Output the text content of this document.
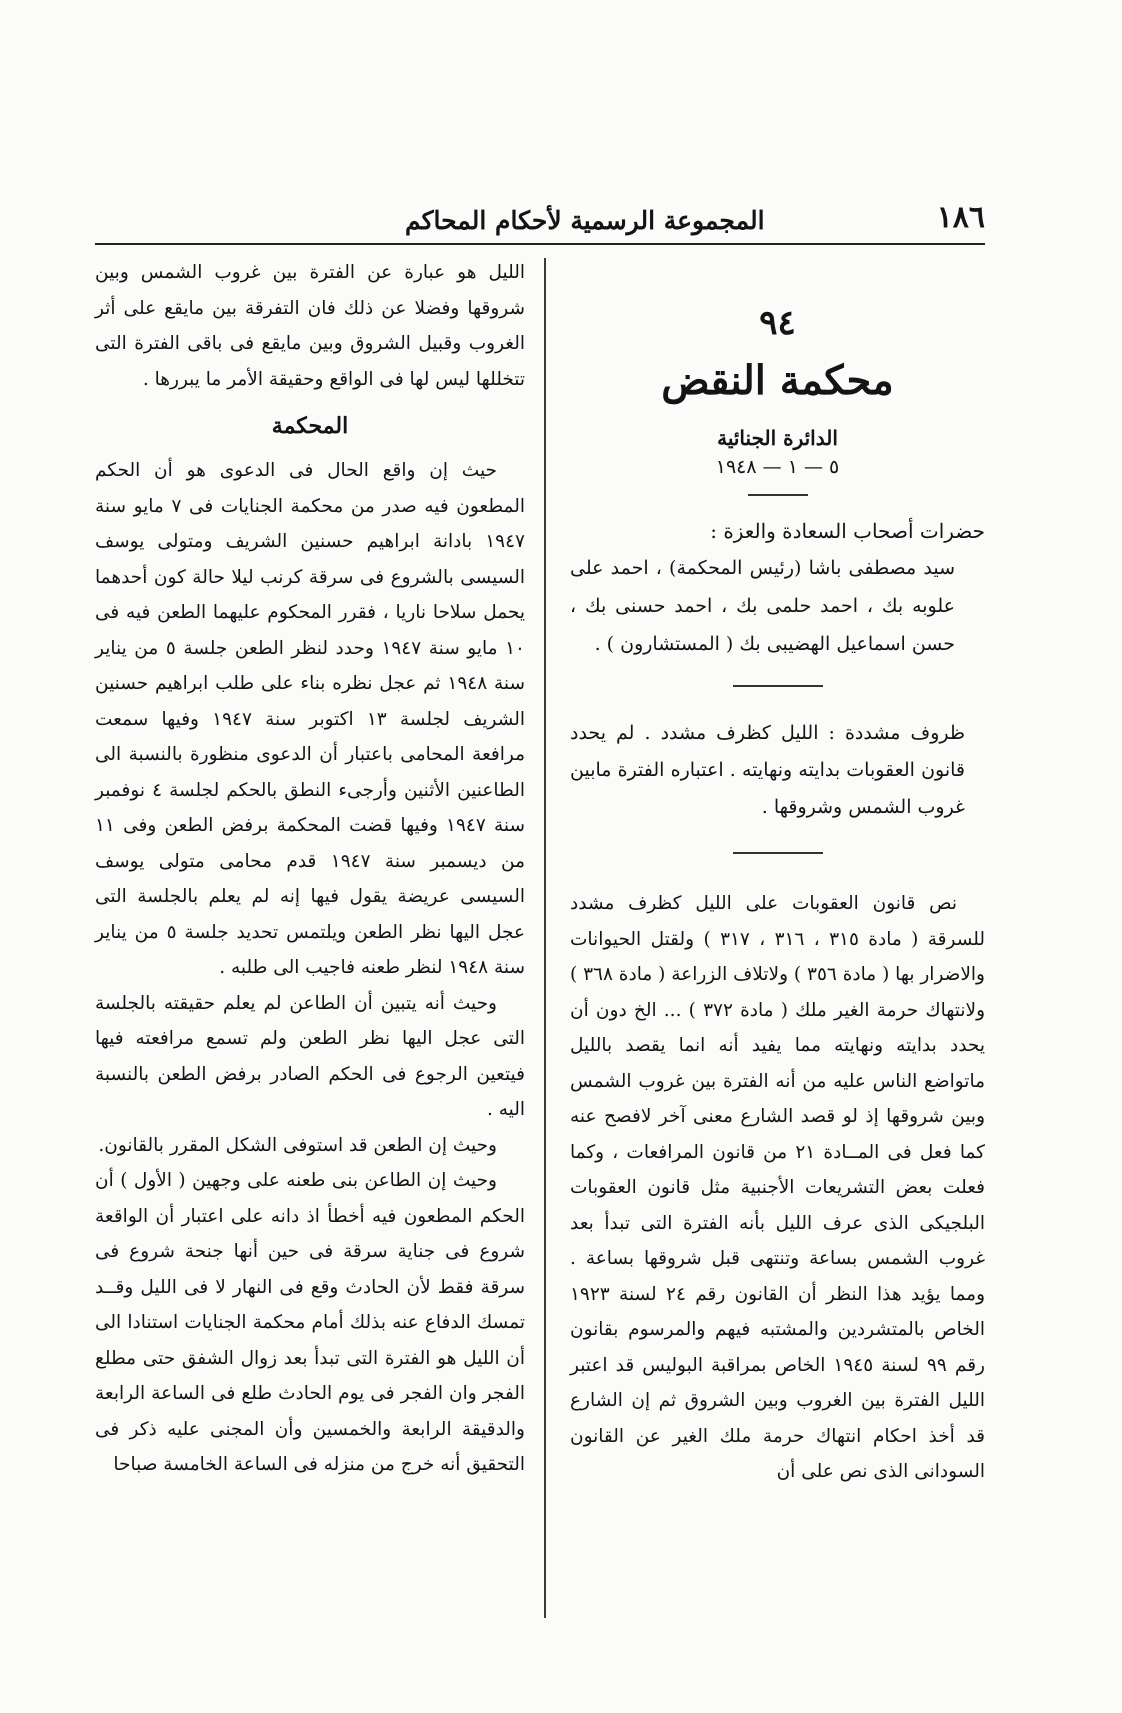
١٨٦
المجموعة الرسمية لأحكام المحاكم
٩٤
محكمة النقض
الدائرة الجنائية
٥ — ١ — ١٩٤٨
حضرات أصحاب السعادة والعزة :

سيد مصطفى باشا (رئيس المحكمة) ، احمد على علوبه بك ، احمد حلمى بك ، احمد حسنى بك ، حسن اسماعيل الهضيبى بك ( المستشارون ) .

ظروف مشددة : الليل كظرف مشدد . لم يحدد قانون العقوبات بدايته ونهايته . اعتباره الفترة مابين غروب الشمس وشروقها .

نص قانون العقوبات على الليل كظرف مشدد للسرقة ( مادة ٣١٥ ، ٣١٦ ، ٣١٧ ) ولقتل الحيوانات والاضرار بها ( مادة ٣٥٦ ) ولاتلاف الزراعة ( مادة ٣٦٨ ) ولانتهاك حرمة الغير ملك ( مادة ٣٧٢ ) ... الخ دون أن يحدد بدايته ونهايته مما يفيد أنه انما يقصد بالليل ماتواضع الناس عليه من أنه الفترة بين غروب الشمس وبين شروقها إذ لو قصد الشارع معنى آخر لافصح عنه كما فعل فى المــادة ٢١ من قانون المرافعات ، وكما فعلت بعض التشريعات الأجنبية مثل قانون العقوبات البلجيكى الذى عرف الليل بأنه الفترة التى تبدأ بعد غروب الشمس بساعة وتنتهى قبل شروقها بساعة . ومما يؤيد هذا النظر أن القانون رقم ٢٤ لسنة ١٩٢٣ الخاص بالمتشردين والمشتبه فيهم والمرسوم بقانون رقم ٩٩ لسنة ١٩٤٥ الخاص بمراقبة البوليس قد اعتبر الليل الفترة بين الغروب وبين الشروق ثم إن الشارع قد أخذ احكام انتهاك حرمة ملك الغير عن القانون السودانى الذى نص على أن

الليل هو عبارة عن الفترة بين غروب الشمس وبين شروقها وفضلا عن ذلك فان التفرقة بين مايقع على أثر الغروب وقبيل الشروق وبين مايقع فى باقى الفترة التى تتخللها ليس لها فى الواقع وحقيقة الأمر ما يبررها .

المحكمة

حيث إن واقع الحال فى الدعوى هو أن الحكم المطعون فيه صدر من محكمة الجنايات فى ٧ مايو سنة ١٩٤٧ بادانة ابراهيم حسنين الشريف ومتولى يوسف السيسى بالشروع فى سرقة كرنب ليلا حالة كون أحدهما يحمل سلاحا ناريا ، فقرر المحكوم عليهما الطعن فيه فى ١٠ مايو سنة ١٩٤٧ وحدد لنظر الطعن جلسة ٥ من يناير سنة ١٩٤٨ ثم عجل نظره بناء على طلب ابراهيم حسنين الشريف لجلسة ١٣ اكتوبر سنة ١٩٤٧ وفيها سمعت مرافعة المحامى باعتبار أن الدعوى منظورة بالنسبة الى الطاعنين الأثنين وأرجىء النطق بالحكم لجلسة ٤ نوفمبر سنة ١٩٤٧ وفيها قضت المحكمة برفض الطعن وفى ١١ من ديسمبر سنة ١٩٤٧ قدم محامى متولى يوسف السيسى عريضة يقول فيها إنه لم يعلم بالجلسة التى عجل اليها نظر الطعن ويلتمس تحديد جلسة ٥ من يناير سنة ١٩٤٨ لنظر طعنه فاجيب الى طلبه .

وحيث أنه يتبين أن الطاعن لم يعلم حقيقته بالجلسة التى عجل اليها نظر الطعن ولم تسمع مرافعته فيها فيتعين الرجوع فى الحكم الصادر برفض الطعن بالنسبة اليه .

وحيث إن الطعن قد استوفى الشكل المقرر بالقانون.

وحيث إن الطاعن بنى طعنه على وجهين ( الأول ) أن الحكم المطعون فيه أخطأ اذ دانه على اعتبار أن الواقعة شروع فى جناية سرقة فى حين أنها جنحة شروع فى سرقة فقط لأن الحادث وقع فى النهار لا فى الليل وقــد تمسك الدفاع عنه بذلك أمام محكمة الجنايات استنادا الى أن الليل هو الفترة التى تبدأ بعد زوال الشفق حتى مطلع الفجر وان الفجر فى يوم الحادث طلع فى الساعة الرابعة والدقيقة الرابعة والخمسين وأن المجنى عليه ذكر فى التحقيق أنه خرج من منزله فى الساعة الخامسة صباحا
